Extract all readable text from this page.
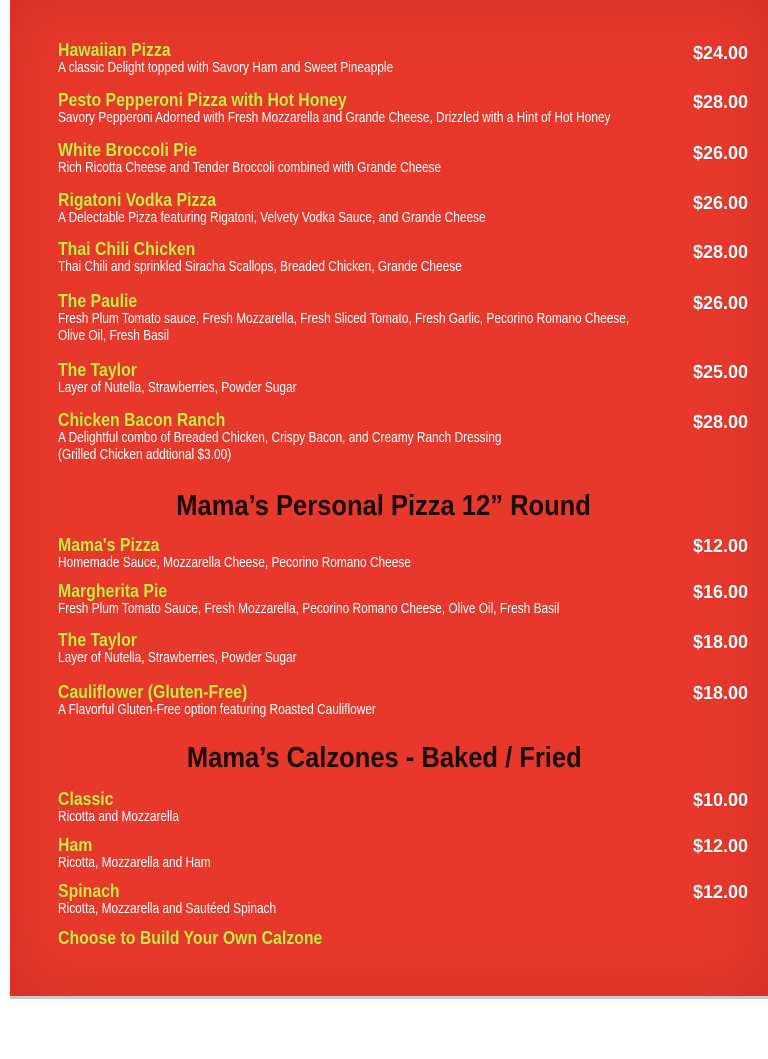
Hawaiian Pizza
A classic Delight topped with Savory Ham and Sweet Pineapple
$24.00
Pesto Pepperoni Pizza with Hot Honey
Savory Pepperoni Adorned with Fresh Mozzarella and Grande Cheese, Drizzled with a Hint of Hot Honey
$28.00
White Broccoli Pie
Rich Ricotta Cheese and Tender Broccoli combined with Grande Cheese
$26.00
Rigatoni Vodka Pizza
A Delectable Pizza featuring Rigatoni, Velvety Vodka Sauce, and Grande Cheese
$26.00
Thai Chili Chicken
Thai Chili and sprinkled Siracha Scallops, Breaded Chicken, Grande Cheese
$28.00
The Paulie
Fresh Plum Tomato sauce, Fresh Mozzarella, Fresh Sliced Tomato, Fresh Garlic, Pecorino Romano Cheese,
Olive Oil, Fresh Basil
$26.00
The Taylor
Layer of Nutella, Strawberries, Powder Sugar
$25.00
Chicken Bacon Ranch
A Delightful combo of Breaded Chicken, Crispy Bacon, and Creamy Ranch Dressing
(Grilled Chicken addtional $3.00)
$28.00
Mama’s Personal Pizza 12” Round
Mama's Pizza
Homemade Sauce, Mozzarella Cheese, Pecorino Romano Cheese
$12.00
Margherita Pie
Fresh Plum Tomato Sauce, Fresh Mozzarella, Pecorino Romano Cheese, Olive Oil, Fresh Basil
$16.00
The Taylor
Layer of Nutella, Strawberries, Powder Sugar
$18.00
Cauliflower (Gluten-Free)
A Flavorful Gluten-Free option featuring Roasted Cauliflower
$18.00
Mama’s Calzones - Baked / Fried
Classic
Ricotta and Mozzarella
$10.00
Ham
Ricotta, Mozzarella and Ham
$12.00
Spinach
Ricotta, Mozzarella and Sautéed Spinach
$12.00
Choose to Build Your Own Calzone
